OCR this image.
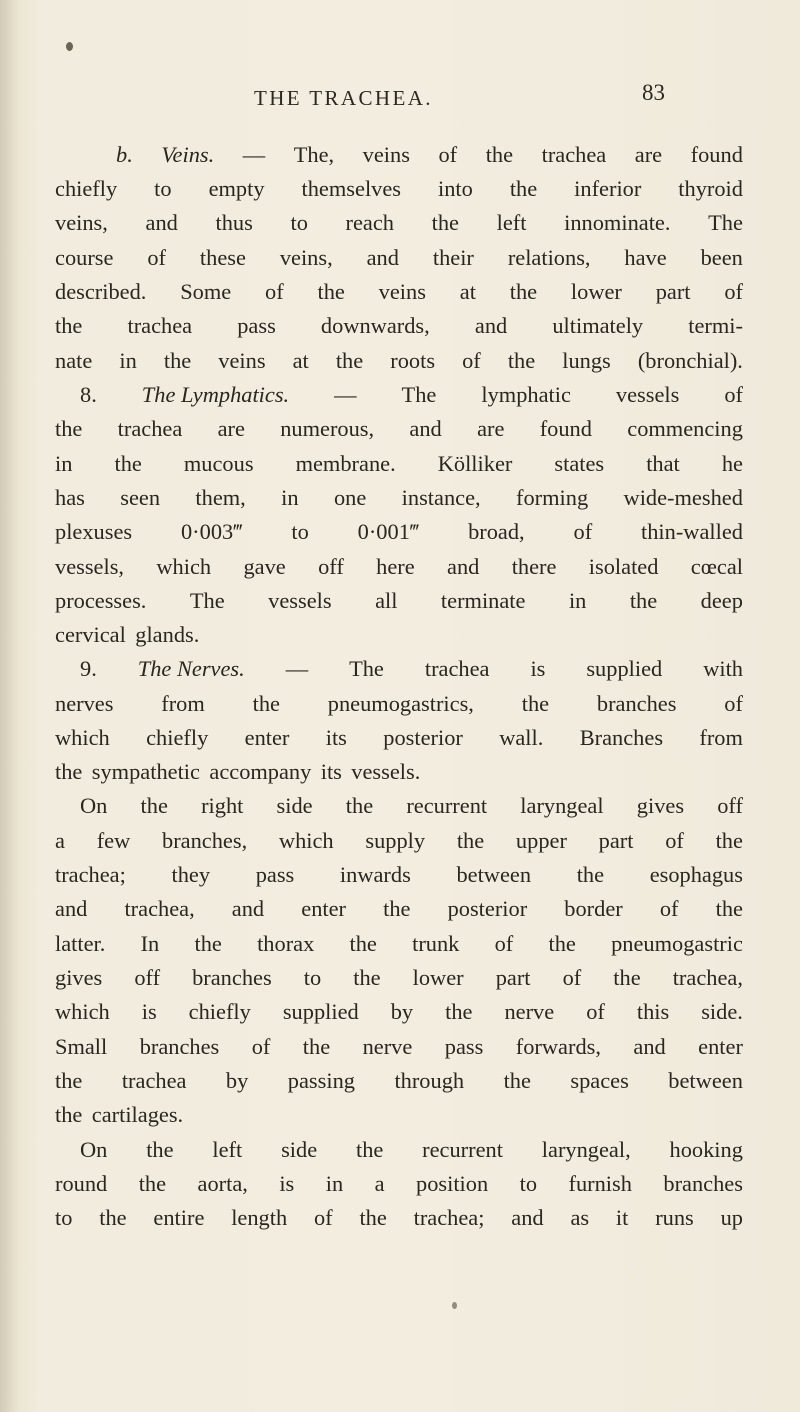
THE TRACHEA.	83
b. Veins. — The, veins of the trachea are found
chiefly to empty themselves into the inferior thyroid
veins, and thus to reach the left innominate. The
course of these veins, and their relations, have been
described. Some of the veins at the lower part of
the trachea pass downwards, and ultimately termi-
nate in the veins at the roots of the lungs (bronchial).
8. The Lymphatics. — The lymphatic vessels of
the trachea are numerous, and are found commencing
in the mucous membrane. Kölliker states that he
has seen them, in one instance, forming wide-meshed
plexuses 0·003‴ to 0·001‴ broad, of thin-walled
vessels, which gave off here and there isolated cœcal
processes. The vessels all terminate in the deep
cervical glands.
9. The Nerves. — The trachea is supplied with
nerves from the pneumogastrics, the branches of
which chiefly enter its posterior wall. Branches from
the sympathetic accompany its vessels.
On the right side the recurrent laryngeal gives off
a few branches, which supply the upper part of the
trachea; they pass inwards between the esophagus
and trachea, and enter the posterior border of the
latter. In the thorax the trunk of the pneumogastric
gives off branches to the lower part of the trachea,
which is chiefly supplied by the nerve of this side.
Small branches of the nerve pass forwards, and enter
the trachea by passing through the spaces between
the cartilages.
On the left side the recurrent laryngeal, hooking
round the aorta, is in a position to furnish branches
to the entire length of the trachea; and as it runs up
